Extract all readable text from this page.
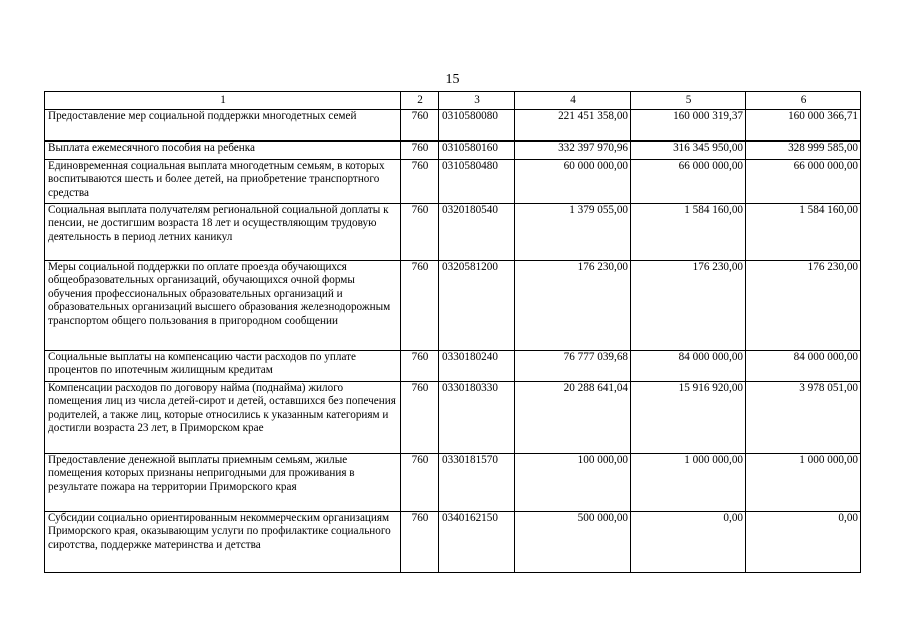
15
1	2	3	4	5	6
Предоставление мер социальной поддержки многодетных семей	760	0310580080	221 451 358,00	160 000 319,37	160 000 366,71
Выплата ежемесячного пособия на ребенка	760	0310580160	332 397 970,96	316 345 950,00	328 999 585,00
Единовременная социальная выплата многодетным семьям, в которых воспитываются шесть и более детей, на приобретение транспортного средства	760	0310580480	60 000 000,00	66 000 000,00	66 000 000,00
Социальная выплата получателям региональной социальной доплаты к пенсии, не достигшим возраста 18 лет и осуществляющим трудовую деятельность в период летних каникул	760	0320180540	1 379 055,00	1 584 160,00	1 584 160,00
Меры социальной поддержки по оплате проезда обучающихся общеобразовательных организаций, обучающихся очной формы обучения профессиональных образовательных организаций и образовательных организаций высшего образования железнодорожным транспортом общего пользования в пригородном сообщении	760	0320581200	176 230,00	176 230,00	176 230,00
Социальные выплаты на компенсацию части расходов по уплате процентов по ипотечным жилищным кредитам	760	0330180240	76 777 039,68	84 000 000,00	84 000 000,00
Компенсации расходов по договору найма (поднайма) жилого помещения лиц из числа детей-сирот и детей, оставшихся без попечения родителей, а также лиц, которые относились к указанным категориям и достигли возраста 23 лет, в Приморском крае	760	0330180330	20 288 641,04	15 916 920,00	3 978 051,00
Предоставление денежной выплаты приемным семьям, жилые помещения которых признаны непригодными для проживания в результате пожара на территории Приморского края	760	0330181570	100 000,00	1 000 000,00	1 000 000,00
Субсидии социально ориентированным некоммерческим организациям Приморского края, оказывающим услуги по профилактике социального сиротства, поддержке материнства и детства	760	0340162150	500 000,00	0,00	0,00
